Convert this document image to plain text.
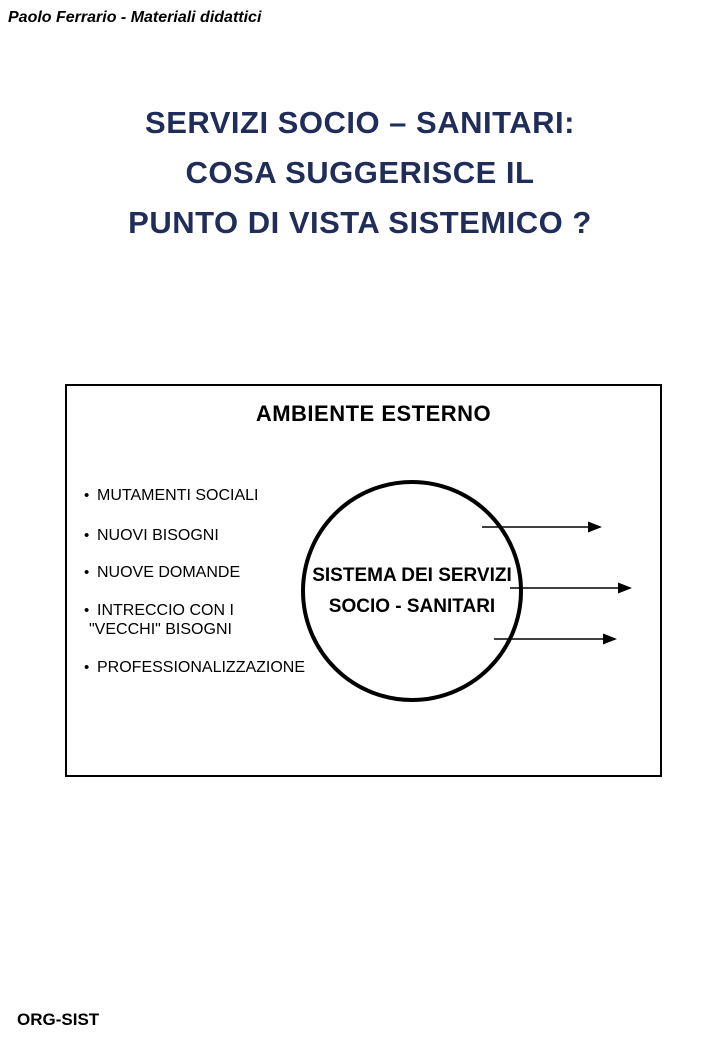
Paolo Ferrario - Materiali didattici
SERVIZI SOCIO – SANITARI:
COSA SUGGERISCE IL
PUNTO DI VISTA SISTEMICO ?
AMBIENTE ESTERNO
• MUTAMENTI SOCIALI
• NUOVI BISOGNI
• NUOVE DOMANDE
• INTRECCIO CON I
"VECCHI" BISOGNI
• PROFESSIONALIZZAZIONE
SISTEMA DEI SERVIZI
SOCIO - SANITARI
ORG-SIST
